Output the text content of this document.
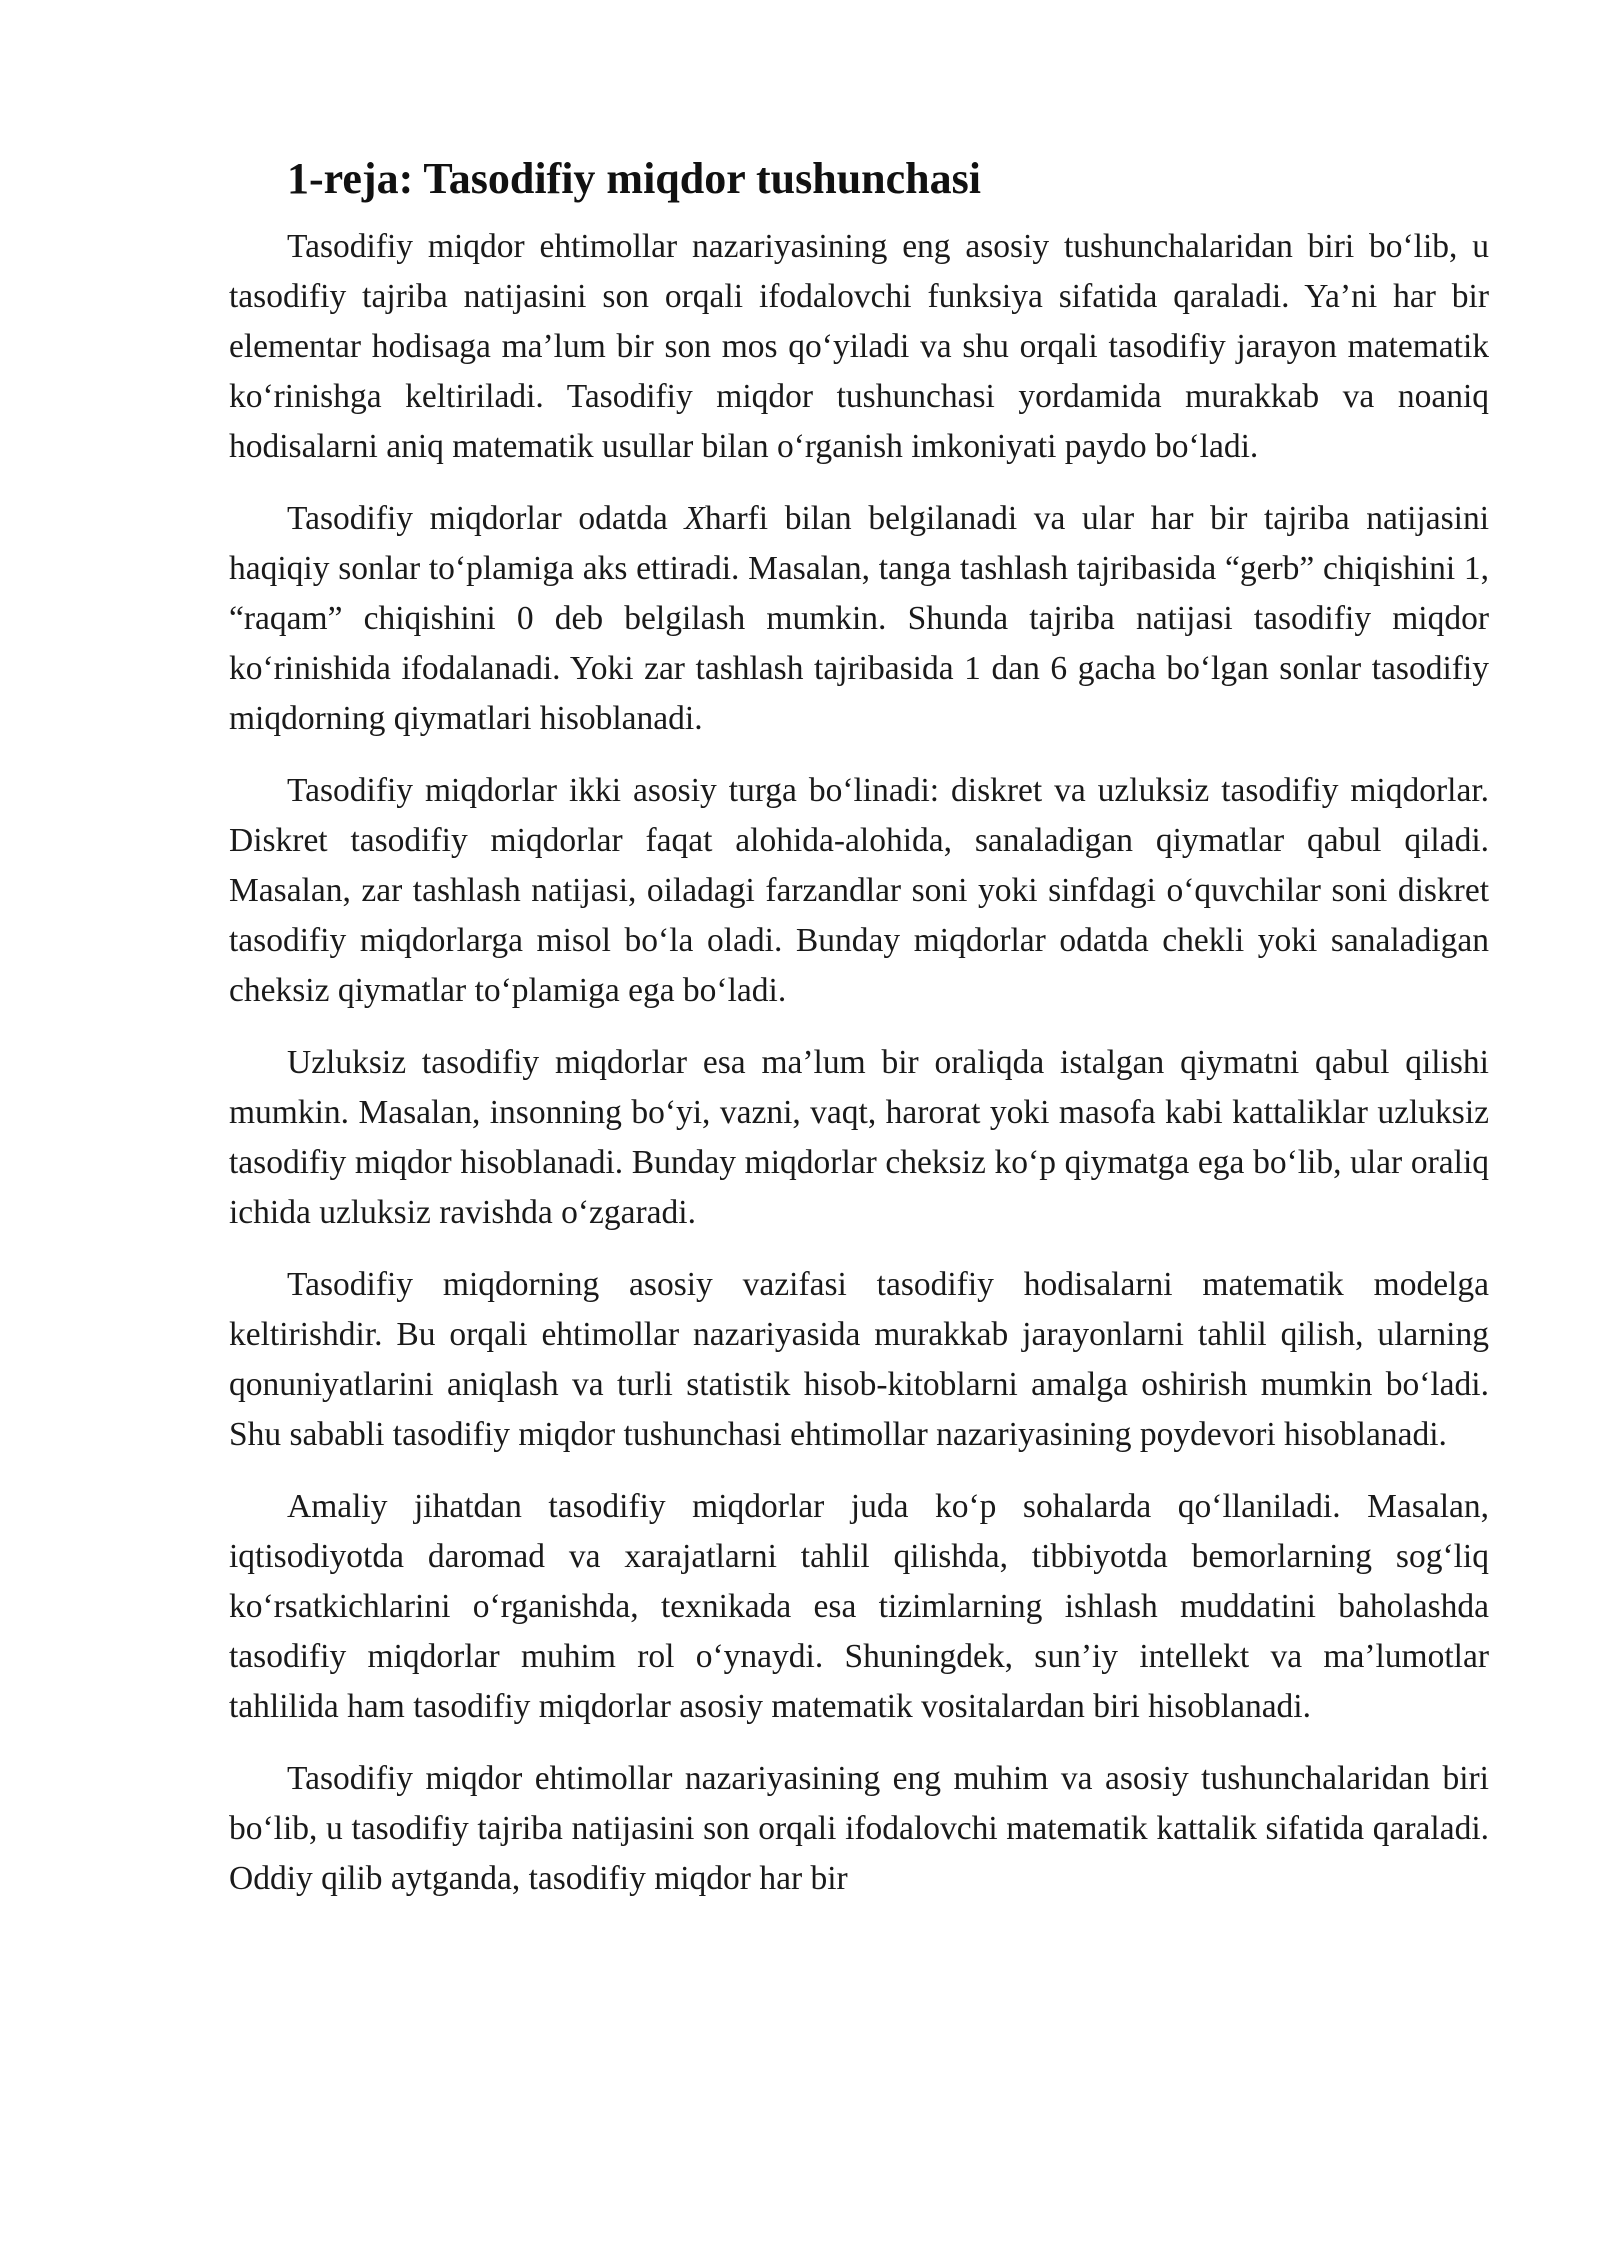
1-reja: Tasodifiy miqdor tushunchasi

Tasodifiy miqdor ehtimollar nazariyasining eng asosiy tushunchalaridan biri bo‘lib, u tasodifiy tajriba natijasini son orqali ifodalovchi funksiya sifatida qaraladi. Ya’ni har bir elementar hodisaga ma’lum bir son mos qo‘yiladi va shu orqali tasodifiy jarayon matematik ko‘rinishga keltiriladi. Tasodifiy miqdor tushunchasi yordamida murakkab va noaniq hodisalarni aniq matematik usullar bilan o‘rganish imkoniyati paydo bo‘ladi.

Tasodifiy miqdorlar odatda Xharfi bilan belgilanadi va ular har bir tajriba natijasini haqiqiy sonlar to‘plamiga aks ettiradi. Masalan, tanga tashlash tajribasida “gerb” chiqishini 1, “raqam” chiqishini 0 deb belgilash mumkin. Shunda tajriba natijasi tasodifiy miqdor ko‘rinishida ifodalanadi. Yoki zar tashlash tajribasida 1 dan 6 gacha bo‘lgan sonlar tasodifiy miqdorning qiymatlari hisoblanadi.

Tasodifiy miqdorlar ikki asosiy turga bo‘linadi: diskret va uzluksiz tasodifiy miqdorlar. Diskret tasodifiy miqdorlar faqat alohida-alohida, sanaladigan qiymatlar qabul qiladi. Masalan, zar tashlash natijasi, oiladagi farzandlar soni yoki sinfdagi o‘quvchilar soni diskret tasodifiy miqdorlarga misol bo‘la oladi. Bunday miqdorlar odatda chekli yoki sanaladigan cheksiz qiymatlar to‘plamiga ega bo‘ladi.

Uzluksiz tasodifiy miqdorlar esa ma’lum bir oraliqda istalgan qiymatni qabul qilishi mumkin. Masalan, insonning bo‘yi, vazni, vaqt, harorat yoki masofa kabi kattaliklar uzluksiz tasodifiy miqdor hisoblanadi. Bunday miqdorlar cheksiz ko‘p qiymatga ega bo‘lib, ular oraliq ichida uzluksiz ravishda o‘zgaradi.

Tasodifiy miqdorning asosiy vazifasi tasodifiy hodisalarni matematik modelga keltirishdir. Bu orqali ehtimollar nazariyasida murakkab jarayonlarni tahlil qilish, ularning qonuniyatlarini aniqlash va turli statistik hisob-kitoblarni amalga oshirish mumkin bo‘ladi. Shu sababli tasodifiy miqdor tushunchasi ehtimollar nazariyasining poydevori hisoblanadi.

Amaliy jihatdan tasodifiy miqdorlar juda ko‘p sohalarda qo‘llaniladi. Masalan, iqtisodiyotda daromad va xarajatlarni tahlil qilishda, tibbiyotda bemorlarning sog‘liq ko‘rsatkichlarini o‘rganishda, texnikada esa tizimlarning ishlash muddatini baholashda tasodifiy miqdorlar muhim rol o‘ynaydi. Shuningdek, sun’iy intellekt va ma’lumotlar tahlilida ham tasodifiy miqdorlar asosiy matematik vositalardan biri hisoblanadi.

Tasodifiy miqdor ehtimollar nazariyasining eng muhim va asosiy tushunchalaridan biri bo‘lib, u tasodifiy tajriba natijasini son orqali ifodalovchi matematik kattalik sifatida qaraladi. Oddiy qilib aytganda, tasodifiy miqdor har bir
